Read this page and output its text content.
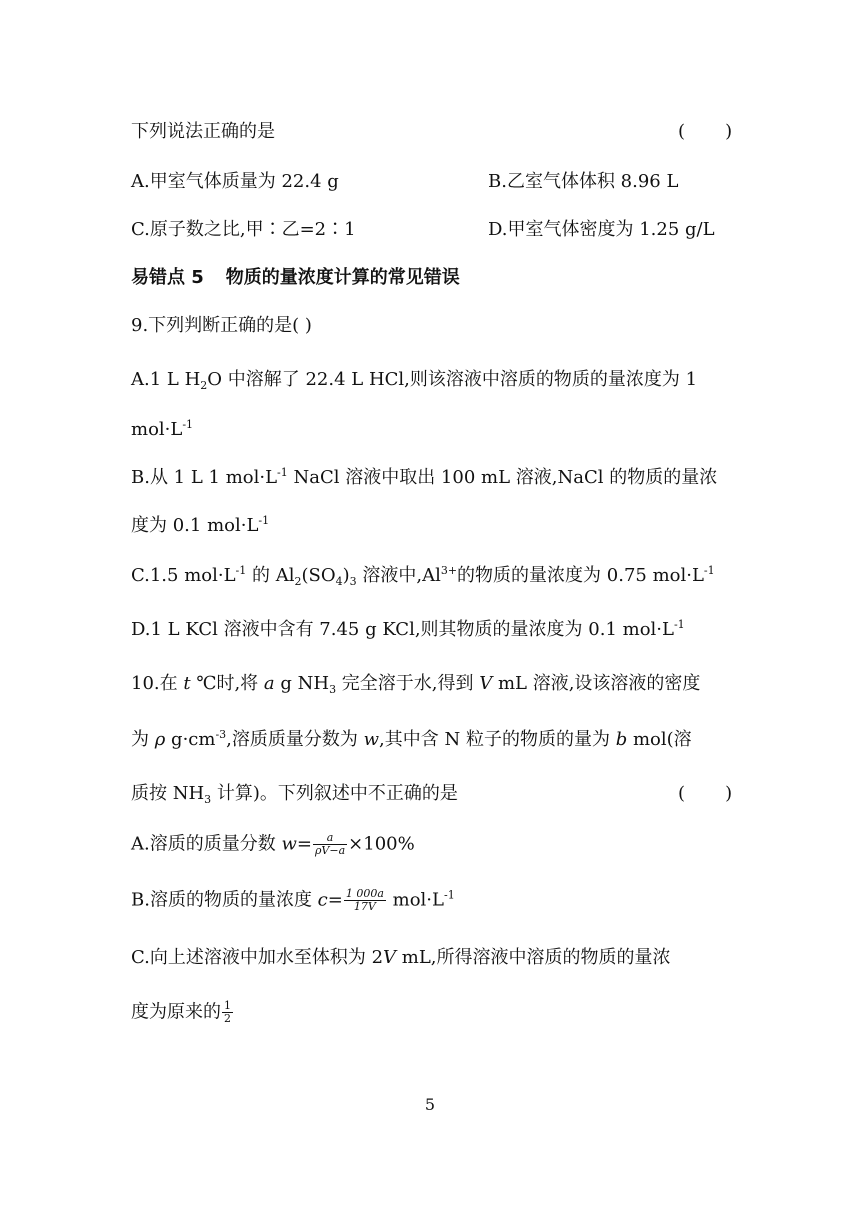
下列说法正确的是	(       )
A.甲室气体质量为 22.4 g	B.乙室气体体积 8.96 L
C.原子数之比,甲∶乙=2∶1	D.甲室气体密度为 1.25 g/L
易错点 5 物质的量浓度计算的常见错误
9.下列判断正确的是( )
A.1 L $H_2O$ 中溶解了 22.4 L HCl,则该溶液中溶质的物质的量浓度为 1
$mol\cdot L^{-1}$
B.从 1 L 1 $mol\cdot L^{-1}$ NaCl 溶液中取出 100 mL 溶液,NaCl 的物质的量浓
度为 0.1 $mol\cdot L^{-1}$
C.1.5 $mol\cdot L^{-1}$ 的 $Al_2(SO_4)_3$ 溶液中$,Al^{3+}$的物质的量浓度为 0.75 $mol\cdot L^{-1}$
D.1 L KCl 溶液中含有 7.45 g KCl,则其物质的量浓度为 0.1 $mol\cdot L^{-1}$
10.在 t ℃时,将 a g $NH_3$ 完全溶于水,得到 V mL 溶液,设该溶液的密度
为 ρ $g\cdot cm^{-3}$,溶质质量分数为 w,其中含 N 粒子的物质的量为 b mol(溶
质按 $NH_3$ 计算)。下列叙述中不正确的是	(       )
A.溶质的质量分数 $w= \frac{a}{\rho V-a} \times 100\%$
B.溶质的物质的量浓度 $c= \frac{1 000a}{17V} mol\cdot L^{-1}$
C.向上述溶液中加水至体积为 2V mL,所得溶液中溶质的物质的量浓
度为原来的 $\frac{1}{2}$
5
